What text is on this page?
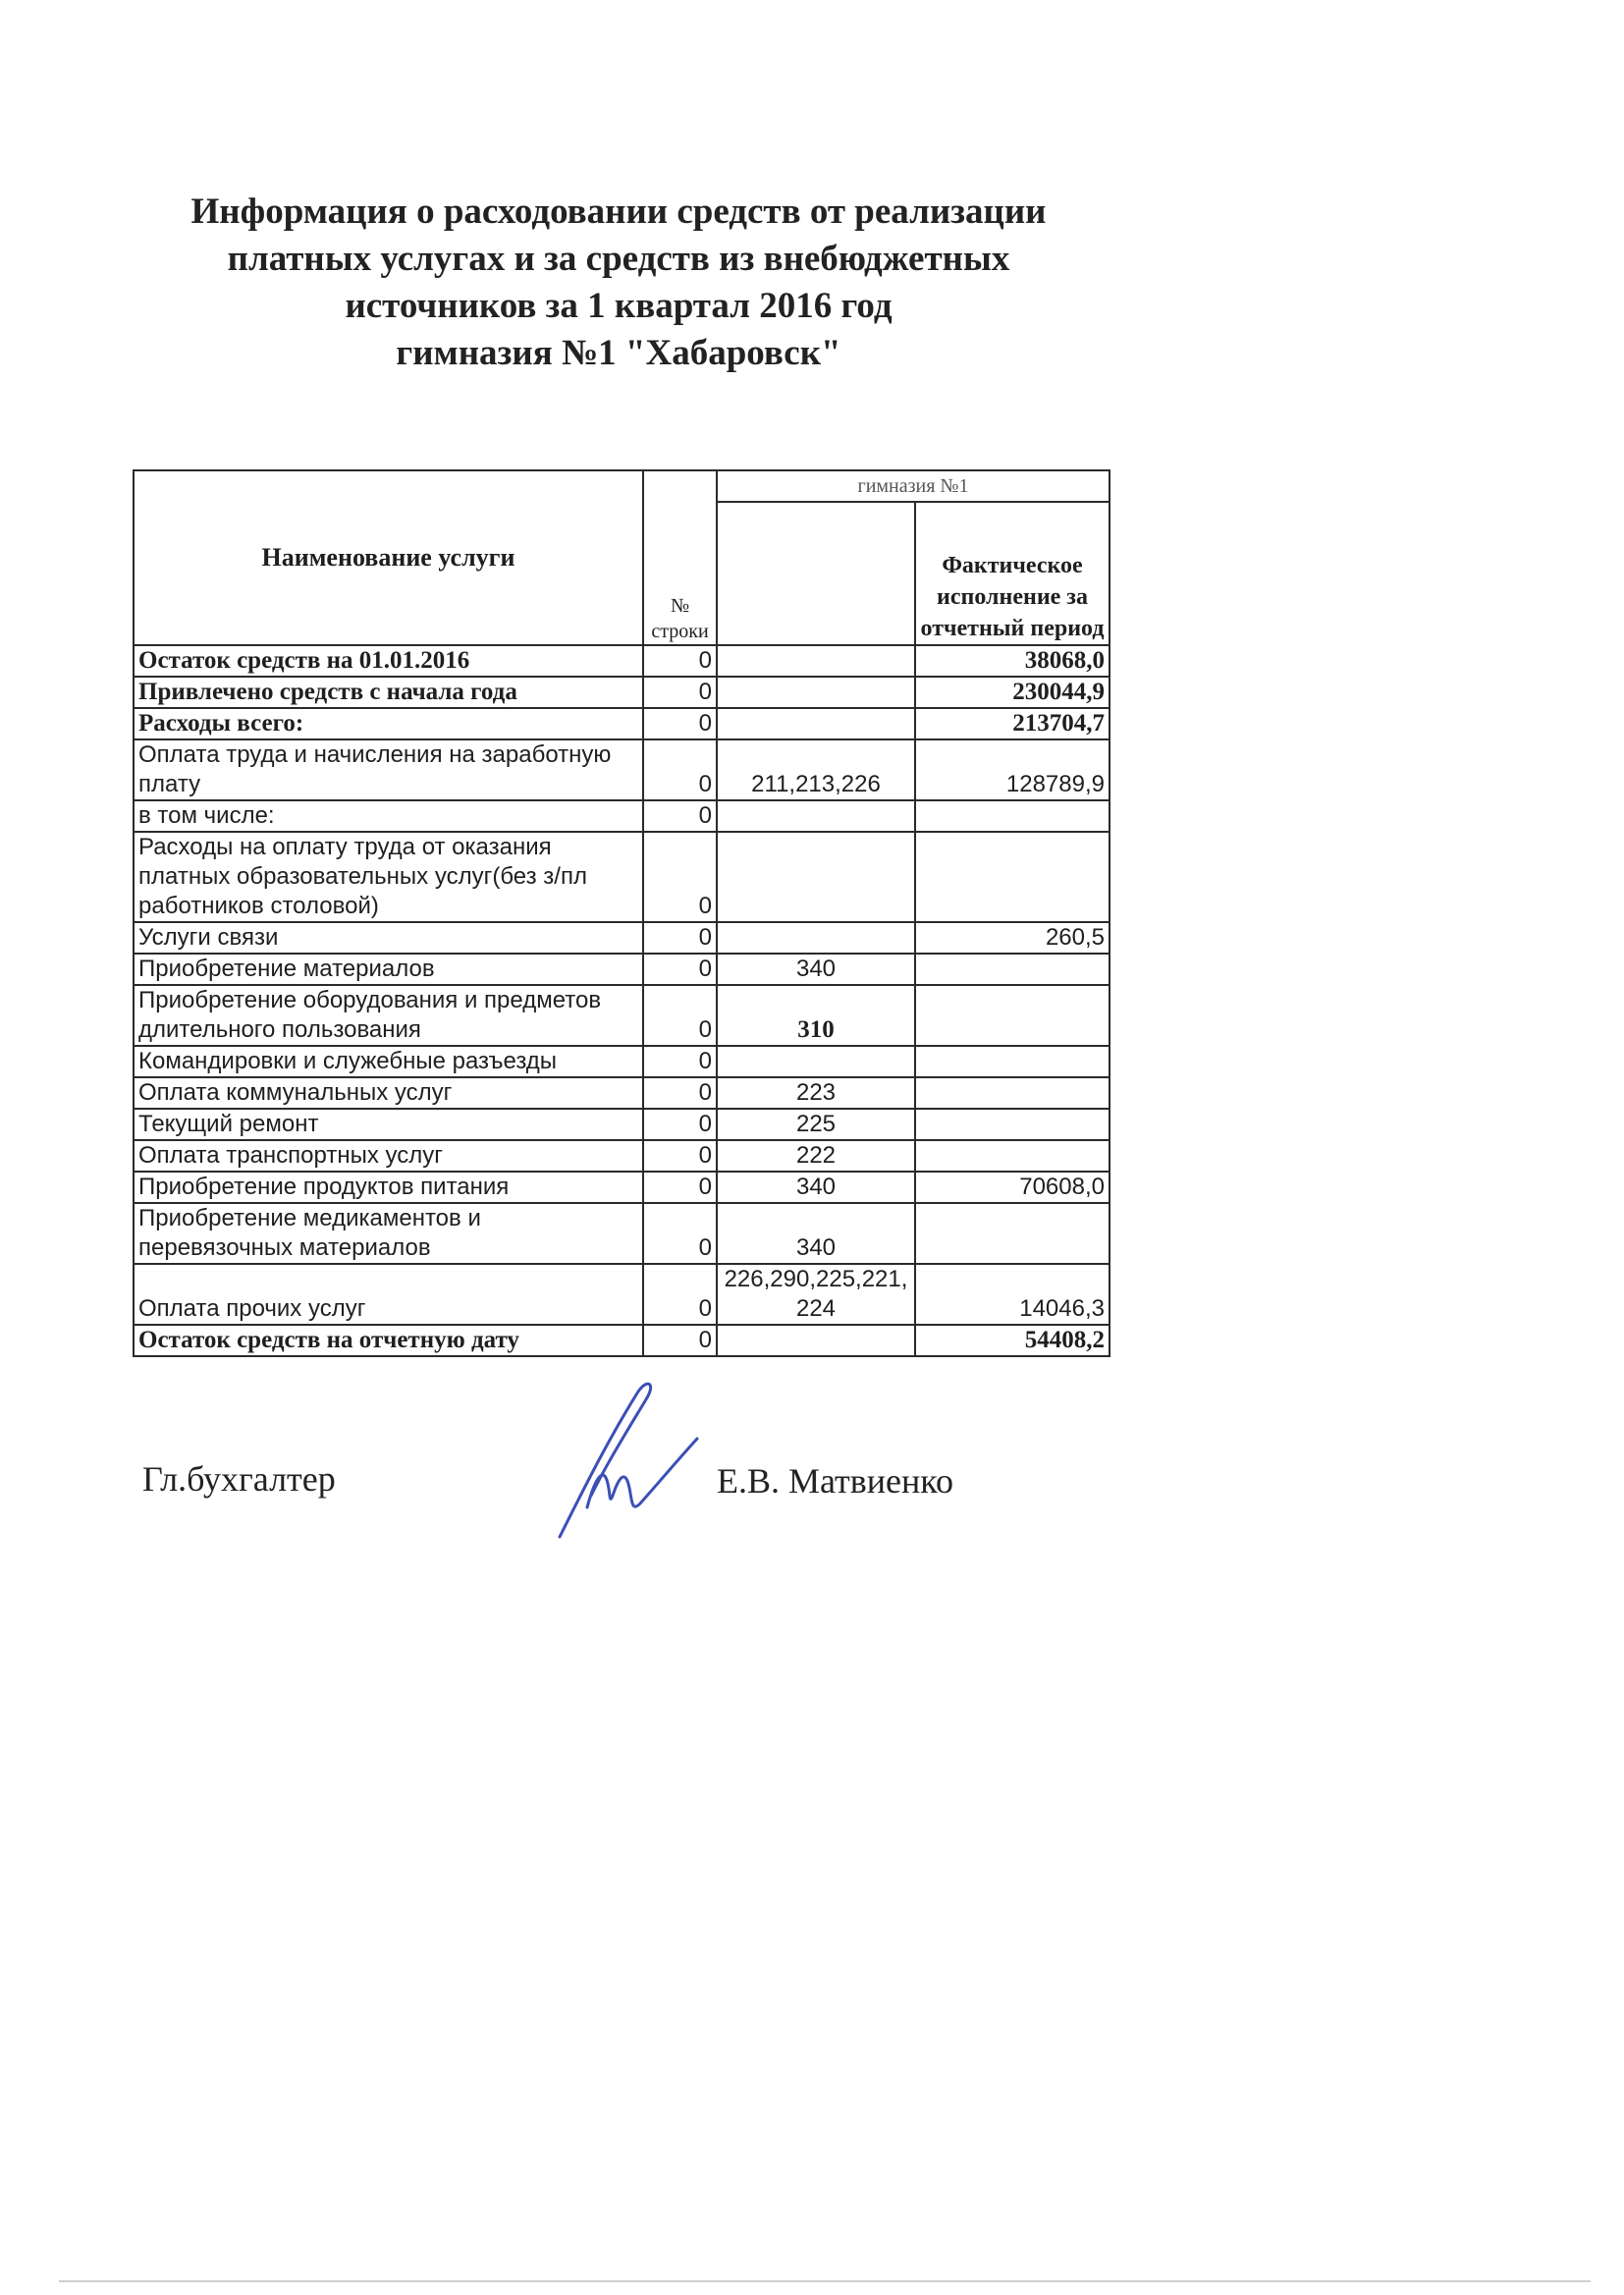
Информация о расходовании средств от реализации
платных услугах и за средств из внебюджетных
источников за 1 квартал 2016 год
гимназия №1 "Хабаровск"
Наименование услуги	№ строки	гимназия №1	
			Фактическое исполнение за отчетный период
Остаток средств на 01.01.2016	0		38068,0
Привлечено средств с начала года	0		230044,9
Расходы всего:	0		213704,7
Оплата труда и начисления на заработную плату	0	211,213,226	128789,9
в том числе:	0		
Расходы на оплату труда от оказания платных образовательных услуг(без з/пл работников столовой)	0		
Услуги связи	0		260,5
Приобретение материалов	0	340	
Приобретение оборудования и предметов длительного пользования	0	310	
Командировки и служебные разъезды	0		
Оплата коммунальных услуг	0	223	
Текущий ремонт	0	225	
Оплата транспортных услуг	0	222	
Приобретение продуктов питания	0	340	70608,0
Приобретение медикаментов и перевязочных материалов	0	340	
Оплата прочих услуг	0	226,290,225,221, 224	14046,3
Остаток средств на отчетную дату	0		54408,2
Гл.бухгалтер	Е.В. Матвиенко
